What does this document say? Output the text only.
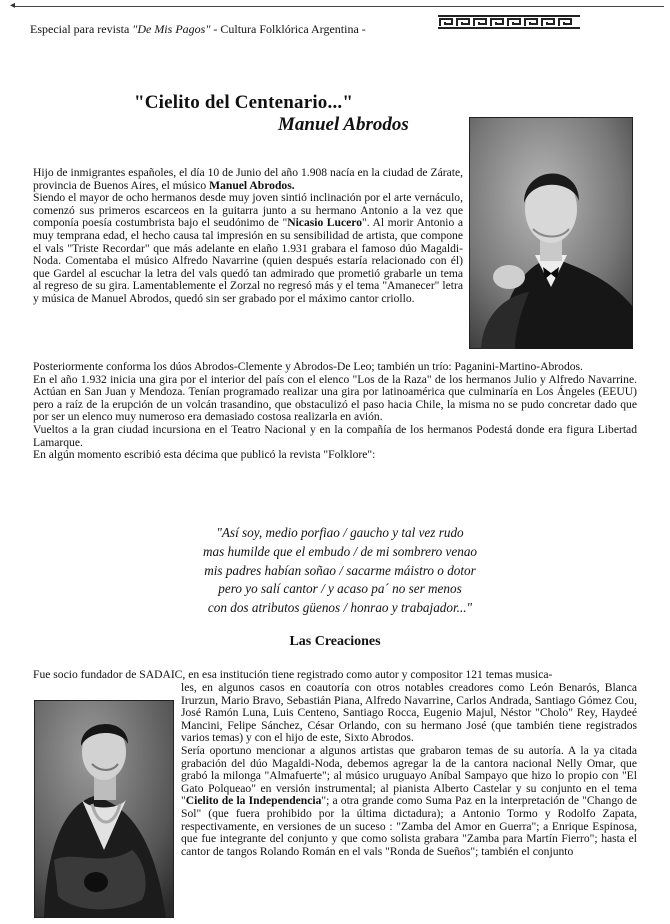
◂
Especial para revista "De Mis Pagos" - Cultura Folklórica Argentina -
"Cielito del Centenario..."
Manuel Abrodos
Hijo de inmigrantes españoles, el día 10 de Junio del año 1.908 nacía en la ciudad de Zárate, provincia de Buenos Aires, el músico Manuel Abrodos.
Siendo el mayor de ocho hermanos desde muy joven sintió inclinación por el arte vernáculo, comenzó sus primeros escarceos en la guitarra junto a su hermano Antonio a la vez que componía poesía costumbrista bajo el seudónimo de "Nicasio Lucero". Al morir Antonio a muy temprana edad, el hecho causa tal impresión en su sensibilidad de artista, que compone el vals "Triste Recordar" que más adelante en elaño 1.931 grabara el famoso dúo Magaldi-Noda. Comentaba el músico Alfredo Navarrine (quien después estaría relacionado con él) que Gardel al escuchar la letra del vals quedó tan admirado que prometió grabarle un tema al regreso de su gira. Lamentablemente el Zorzal no regresó más y el tema "Amanecer" letra y música de Manuel Abrodos, quedó sin ser grabado por el máximo cantor criollo.
Posteriormente conforma los dúos Abrodos-Clemente y Abrodos-De Leo; también un trío: Paganini-Martino-Abrodos.
En el año 1.932 inicia una gira por el interior del país con el elenco "Los de la Raza" de los hermanos Julio y Alfredo Navarrine. Actúan en San Juan y Mendoza. Tenían programado realizar una gira por latinoamérica que culminaría en Los Ángeles (EEUU) pero a raíz de la erupción de un volcán trasandino, que obstaculizó el paso hacia Chile, la misma no se pudo concretar dado que por ser un elenco muy numeroso era demasiado costosa realizarla en avión.
Vueltos a la gran ciudad incursiona en el Teatro Nacional y en la compañía de los hermanos Podestá donde era figura Libertad Lamarque.
En algún momento escribió esta décima que publicó la revista "Folklore":
"Así soy, medio porfiao / gaucho y tal vez rudo
mas humilde que el embudo / de mi sombrero venao
mis padres habían soñao / sacarme máistro o dotor
pero yo salí cantor / y acaso pa´ no ser menos
con dos atributos güenos / honrao y trabajador..."
Las Creaciones
Fue socio fundador de SADAIC, en esa institución tiene registrado como autor y compositor 121 temas musica-
les, en algunos casos en coautoría con otros notables creadores como León Benarós, Blanca Irurzun, Mario Bravo, Sebastián Piana, Alfredo Navarrine, Carlos Andrada, Santiago Gómez Cou, José Ramón Luna, Luis Centeno, Santiago Rocca, Eugenio Majul, Néstor "Cholo" Rey, Haydeé Mancini, Felipe Sánchez, César Orlando, con su hermano José (que también tiene registrados varios temas) y con el hijo de este, Sixto Abrodos.
Sería oportuno mencionar a algunos artistas que grabaron temas de su autoría. A la ya citada grabación del dúo Magaldi-Noda, debemos agregar la de la cantora nacional Nelly Omar, que grabó la milonga "Almafuerte"; al músico uruguayo Aníbal Sampayo que hizo lo propio con "El Gato Polqueao" en versión instrumental; al pianista Alberto Castelar y su conjunto en el tema "Cielito de la Independencia"; a otra grande como Suma Paz en la interpretación de "Chango de Sol" (que fuera prohibido por la última dictadura); a Antonio Tormo y Rodolfo Zapata, respectivamente, en versiones de un suceso : "Zamba del Amor en Guerra"; a Enrique Espinosa, que fue integrante del conjunto y que como solista grabara "Zamba para Martín Fierro"; hasta el cantor de tangos Rolando Román en el vals "Ronda de Sueños"; también el conjunto
